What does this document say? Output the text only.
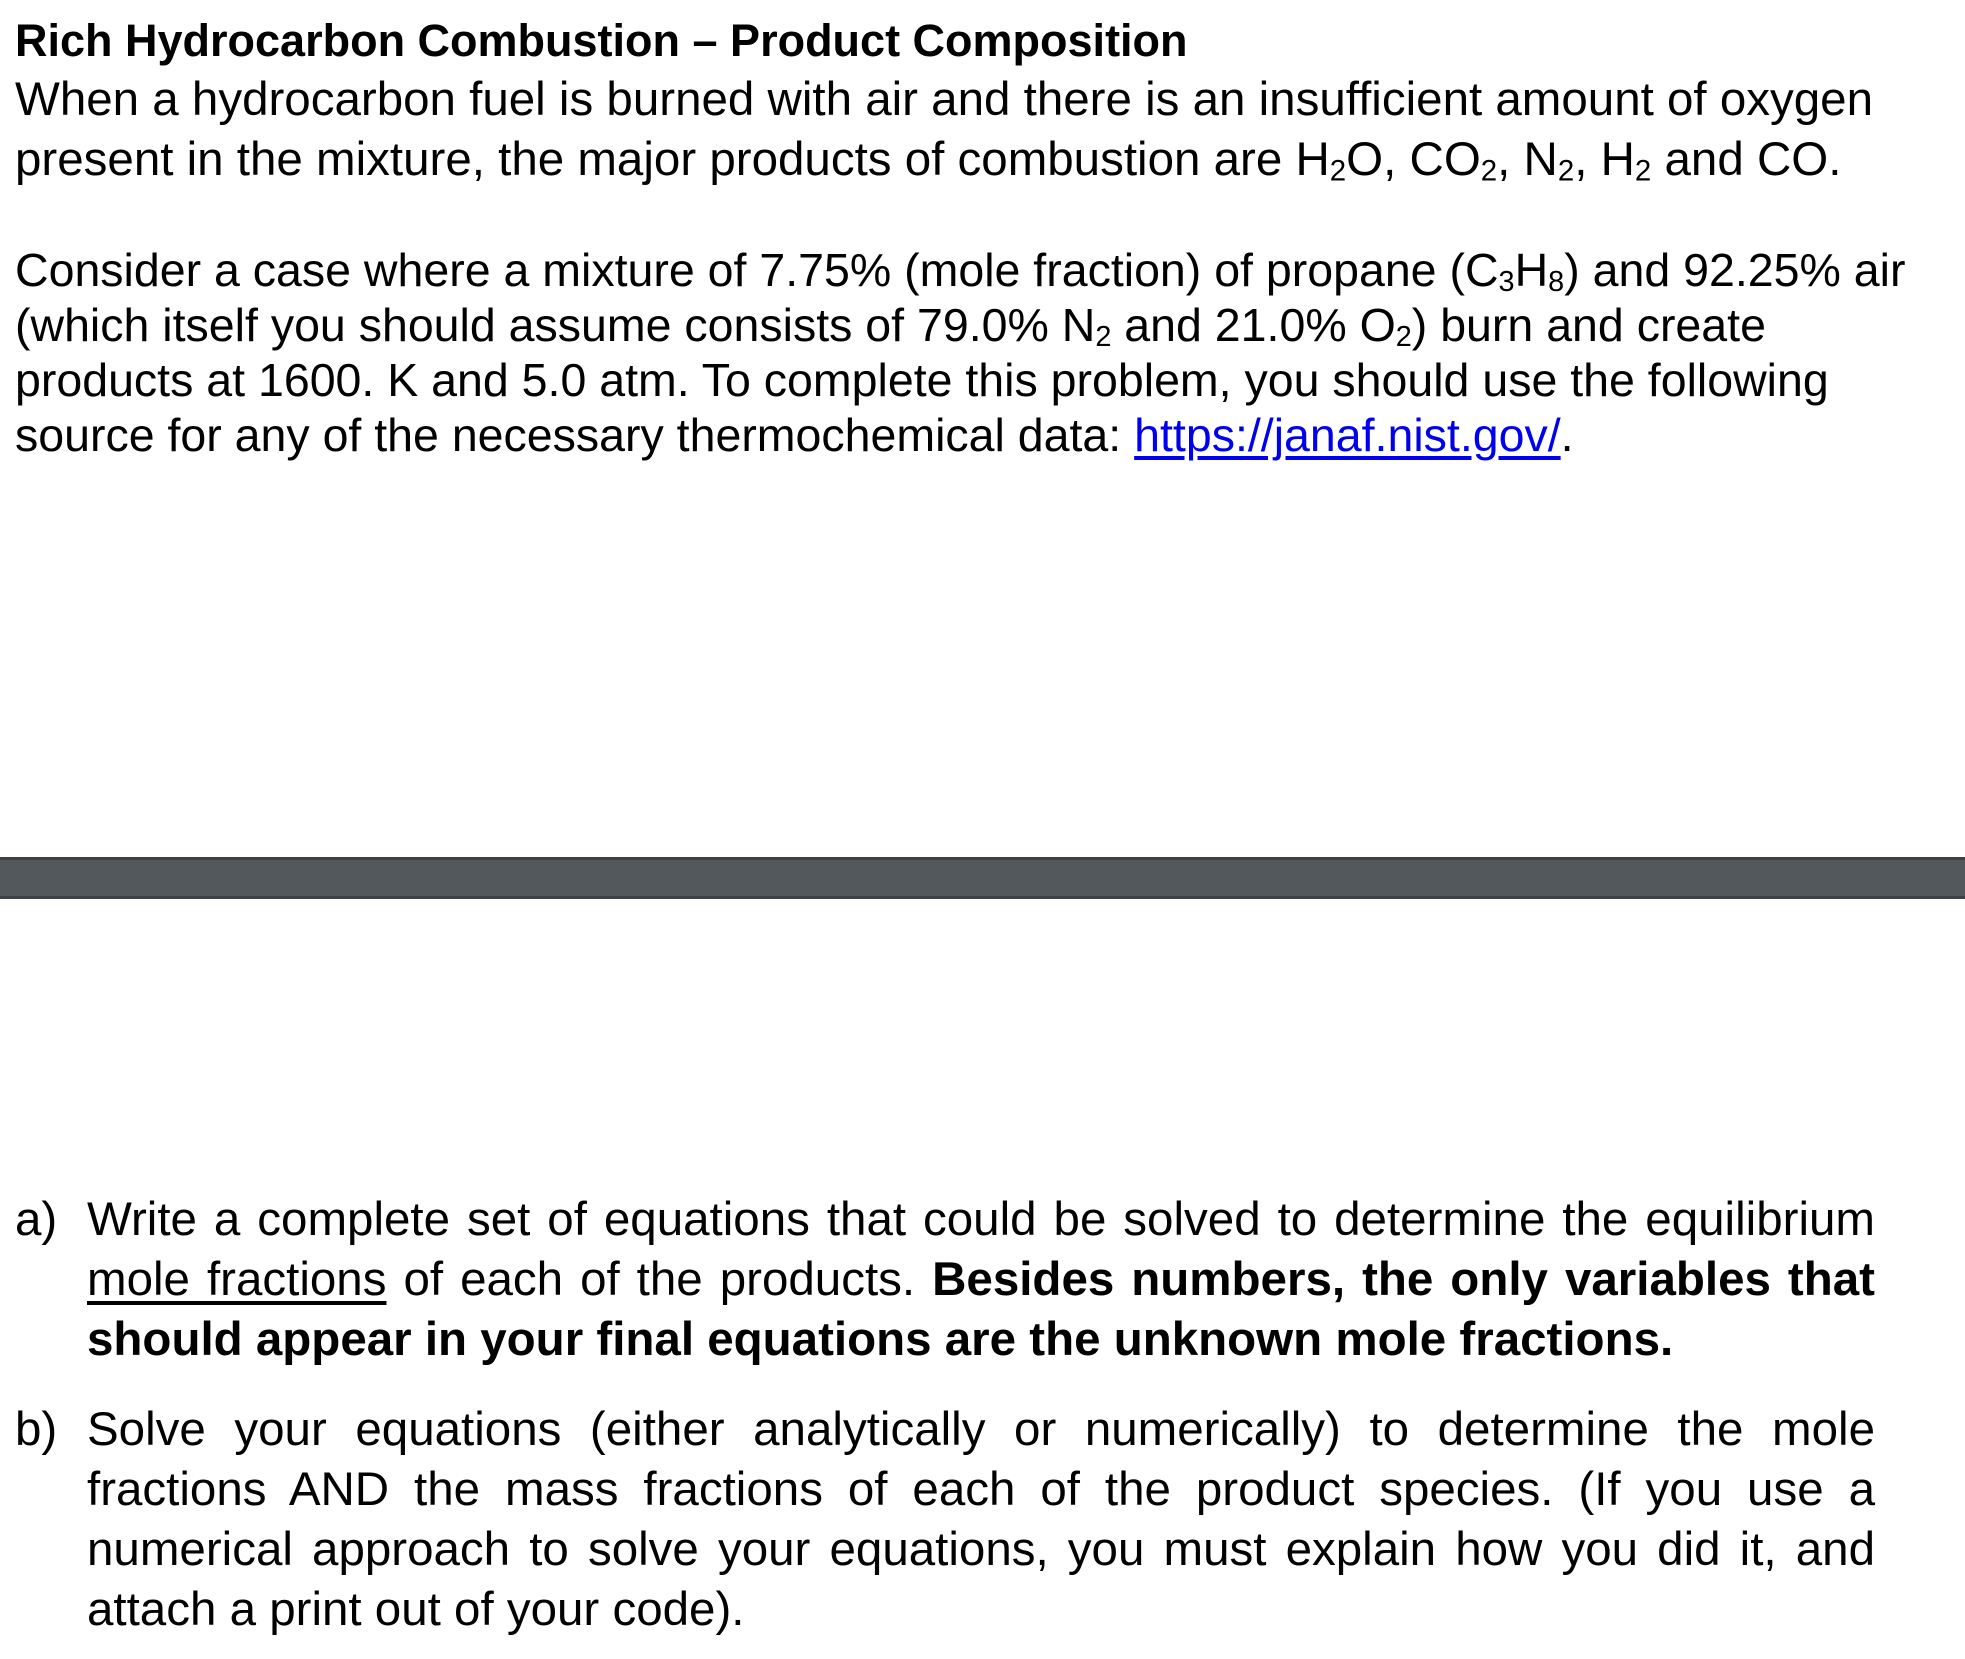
Rich Hydrocarbon Combustion – Product Composition

When a hydrocarbon fuel is burned with air and there is an insufficient amount of oxygen present in the mixture, the major products of combustion are $H_2O$, $CO_2$, $N_2$, $H_2$ and CO.

Consider a case where a mixture of 7.75% (mole fraction) of propane $(C_3H_8)$ and 92.25% air (which itself you should assume consists of 79.0% $N_2$ and 21.0% $O_2$) burn and create products at 1600. K and 5.0 atm. To complete this problem, you should use the following source for any of the necessary thermochemical data: https://janaf.nist.gov/.

a) Write a complete set of equations that could be solved to determine the equilibrium mole fractions of each of the products. Besides numbers, the only variables that should appear in your final equations are the unknown mole fractions.
b) Solve your equations (either analytically or numerically) to determine the mole fractions AND the mass fractions of each of the product species. (If you use a numerical approach to solve your equations, you must explain how you did it, and attach a print out of your code).
